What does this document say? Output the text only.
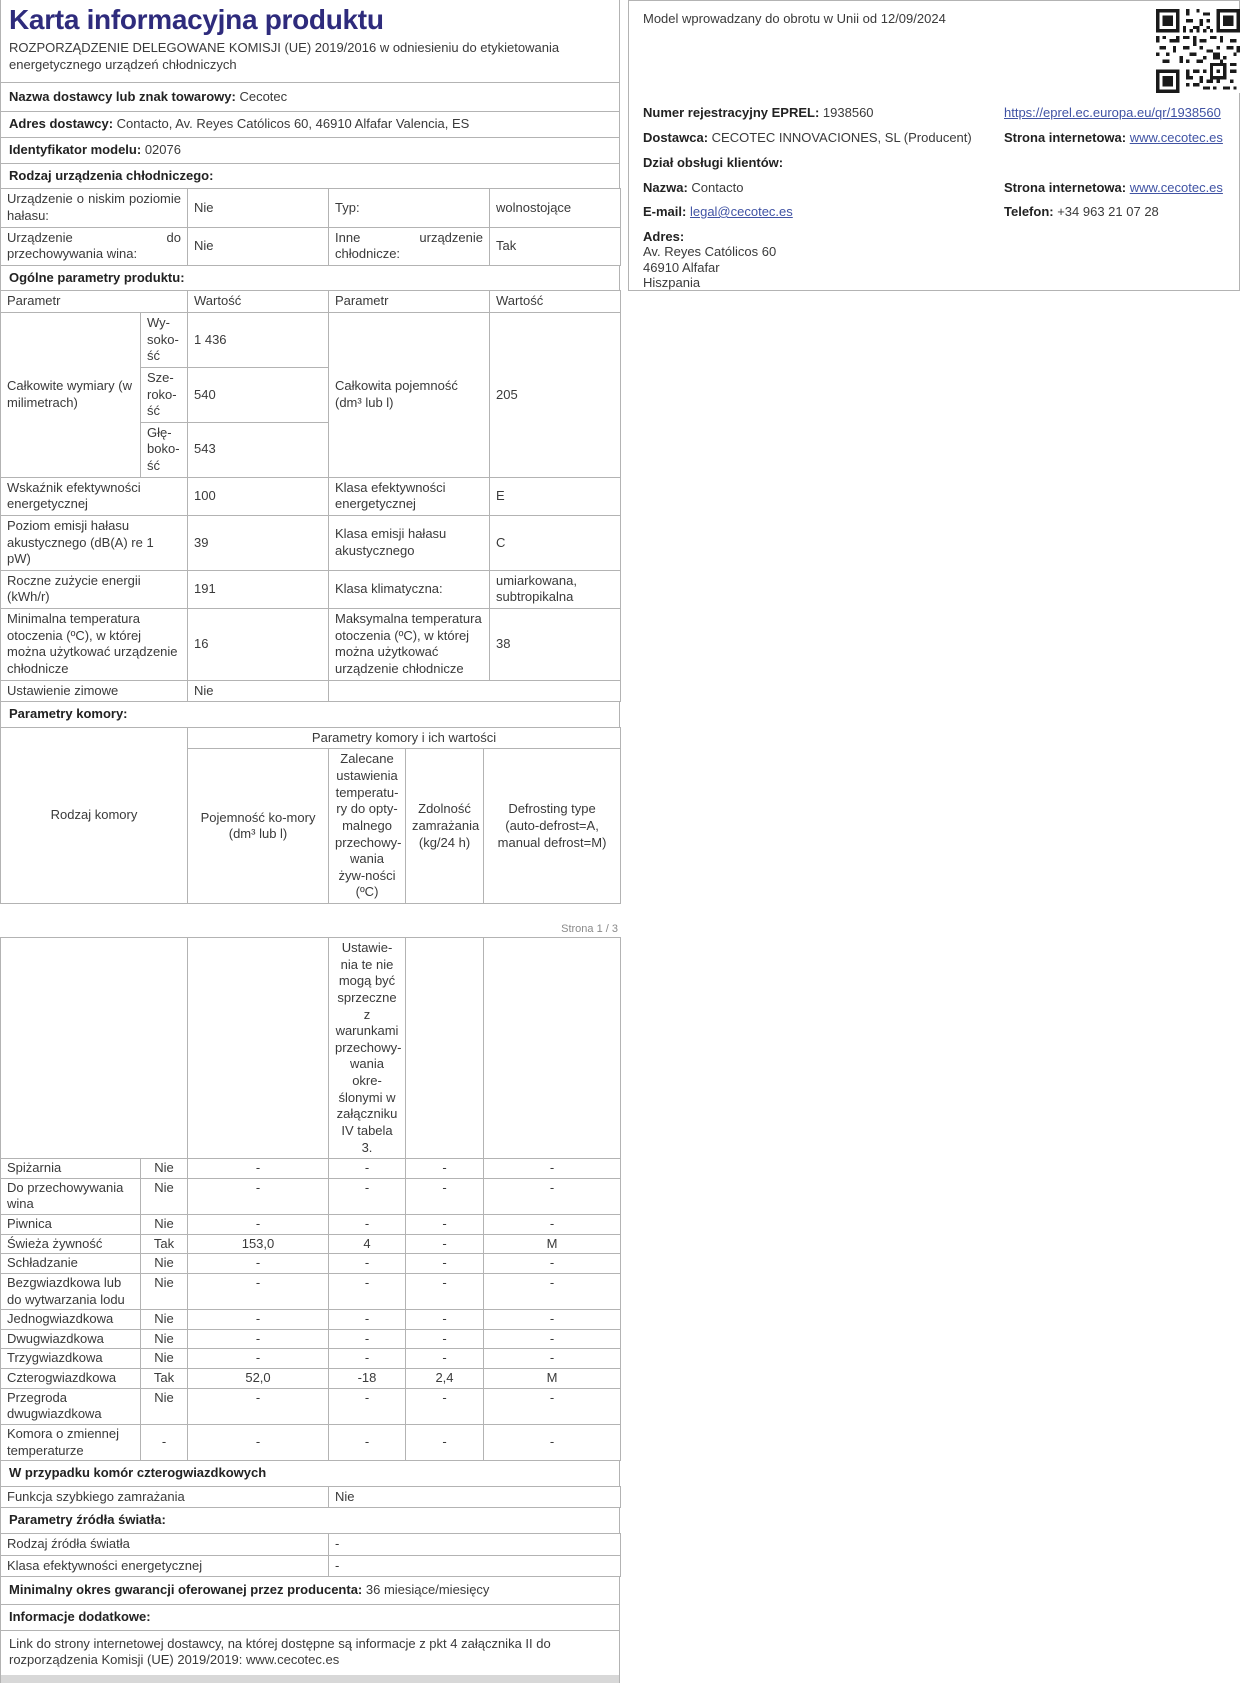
Karta informacyjna produktu

ROZPORZĄDZENIE DELEGOWANE KOMISJI (UE) 2019/2016 w odniesieniu do etykietowania energetycznego urządzeń chłodniczych

Nazwa dostawcy lub znak towarowy: Cecotec
Adres dostawcy: Contacto, Av. Reyes Católicos 60, 46910 Alfafar Valencia, ES
Identyfikator modelu: 02076
Rodzaj urządzenia chłodniczego:
Urządzenie o niskim poziomie hałasu:	Nie	Typ:	wolnostojące
Urządzenie do przechowywania wina:	Nie	Inne urządzenie chłodnicze:	Tak
Ogólne parametry produktu:
Parametr		Wartość	Parametr	Wartość
Całkowite wymiary (w milimetrach)	Wy-soko-ść	1 436	Całkowita pojemność (dm³ lub l)	205
	Sze-roko-ść	540		
	Głę-boko-ść	543		
Wskaźnik efektywności energetycznej		100	Klasa efektywności energetycznej	E
Poziom emisji hałasu akustycznego (dB(A) re 1 pW)		39	Klasa emisji hałasu akustycznego	C
Roczne zużycie energii (kWh/r)		191	Klasa klimatyczna:	umiarkowana, subtropikalna
Minimalna temperatura otoczenia (ºC), w której można użytkować urządzenie chłodnicze		16	Maksymalna temperatura otoczenia (ºC), w której można użytkować urządzenie chłodnicze	38
Ustawienie zimowe		Nie		
Parametry komory:
Rodzaj komory	Parametry komory i ich wartości			
	Pojemność ko-mory (dm³ lub l)	Zalecane ustawienia temperatu-ry do opty-malnego przechowy-wania żyw-ności (ºC)	Zdolność zamrażania (kg/24 h)	Defrosting type (auto-defrost=A, manual defrost=M)
Strona 1 / 3
			Ustawie-nia te nie mogą być sprzeczne z warunkami przechowy-wania okre-ślonymi w załączniku IV tabela 3.		
Spiżarnia	Nie	-	-	-	-
Do przechowywania wina	Nie	-	-	-	-
Piwnica	Nie	-	-	-	-
Świeża żywność	Tak	153,0	4	-	M
Schładzanie	Nie	-	-	-	-
Bezgwiazdkowa lub do wytwarzania lodu	Nie	-	-	-	-
Jednogwiazdkowa	Nie	-	-	-	-
Dwugwiazdkowa	Nie	-	-	-	-
Trzygwiazdkowa	Nie	-	-	-	-
Czterogwiazdkowa	Tak	52,0	-18	2,4	M
Przegroda dwugwiazdkowa	Nie	-	-	-	-
Komora o zmiennej temperaturze	-	-	-	-	-
W przypadku komór czterogwiazdkowych
Funkcja szybkiego zamrażania	Nie
Parametry źródła światła:
Rodzaj źródła światła	-
Klasa efektywności energetycznej	-
Minimalny okres gwarancji oferowanej przez producenta: 36 miesiące/miesięcy
Informacje dodatkowe:
Link do strony internetowej dostawcy, na której dostępne są informacje z pkt 4 załącznika II do rozporządzenia Komisji (UE) 2019/2019: www.cecotec.es
Model wprowadzany do obrotu w Unii od 12/09/2024
Numer rejestracyjny EPREL: 1938560	https://eprel.ec.europa.eu/qr/1938560
Dostawca: CECOTEC INNOVACIONES, SL (Producent) Strona internetowa: www.cecotec.es
Dział obsługi klientów:
Nazwa: Contacto	Strona internetowa: www.cecotec.es
E-mail: legal@cecotec.es	Telefon: +34 963 21 07 28
Adres:
Av. Reyes Católicos 60
46910 Alfafar
Hiszpania
